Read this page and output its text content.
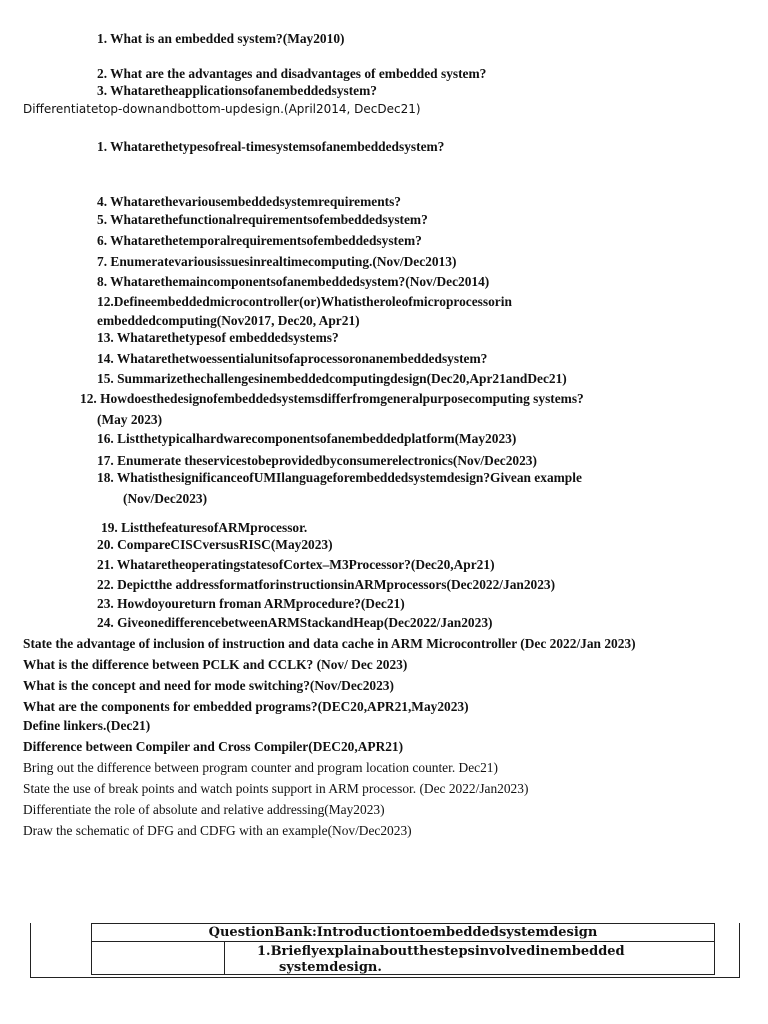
1. What is an embedded system?(May2010)
2. What are the advantages and disadvantages of embedded system?
3. Whataretheapplicationsofanembeddedsystem?
Differentiatetop-downandbottom-updesign.(April2014, DecDec21)
1. Whatarethetypesofreal-timesystemsofanembeddedsystem?
4. Whatarethevariousembeddedsystemrequirements?
5. Whatarethefunctionalrequirementsofembeddedsystem?
6. Whatarethetemporalrequirementsofembeddedsystem?
7. Enumeratevariousissuesinrealtimecomputing.(Nov/Dec2013)
8. Whatarethemaincomponentsofanembeddedsystem?(Nov/Dec2014)
12.Defineembeddedmicrocontroller(or)Whatistheroleofmicroprocessorin
embeddedcomputing(Nov2017, Dec20, Apr21)
13. Whatarethetypesof embeddedsystems?
14. Whatarethetwoessentialunitsofaprocessoronanembeddedsystem?
15. Summarizethechallengesinembeddedcomputingdesign(Dec20,Apr21andDec21)
12. Howdoesthedesignofembeddedsystemsdifferfromgeneralpurposecomputing systems?
(May 2023)
16. Listthetypicalhardwarecomponentsofanembeddedplatform(May2023)
17. Enumerate theservicestobeprovidedbyconsumerelectronics(Nov/Dec2023)
18. WhatisthesignificanceofUMIlanguageforembeddedsystemdesign?Givean example
(Nov/Dec2023)
19. ListthefeaturesofARMprocessor.
20. CompareCISCversusRISC(May2023)
21. WhataretheoperatingstatesofCortex–M3Processor?(Dec20,Apr21)
22. Depictthe addressformatforinstructionsinARMprocessors(Dec2022/Jan2023)
23. Howdoyoureturn froman ARMprocedure?(Dec21)
24. GiveonedifferencebetweenARMStackandHeap(Dec2022/Jan2023)
State the advantage of inclusion of instruction and data cache in ARM Microcontroller (Dec 2022/Jan 2023)
What is the difference between PCLK and CCLK? (Nov/ Dec 2023)
What is the concept and need for mode switching?(Nov/Dec2023)
What are the components for embedded programs?(DEC20,APR21,May2023)
Define linkers.(Dec21)
Difference between Compiler and Cross Compiler(DEC20,APR21)
Bring out the difference between program counter and program location counter. Dec21)
State the use of break points and watch points support in ARM processor. (Dec 2022/Jan2023)
Differentiate the role of absolute and relative addressing(May2023)
Draw the schematic of DFG and CDFG with an example(Nov/Dec2023)
QuestionBank:Introductiontoembeddedsystemdesign
1.Brieflyexplainaboutthestepsinvolvedinembedded
systemdesign.
